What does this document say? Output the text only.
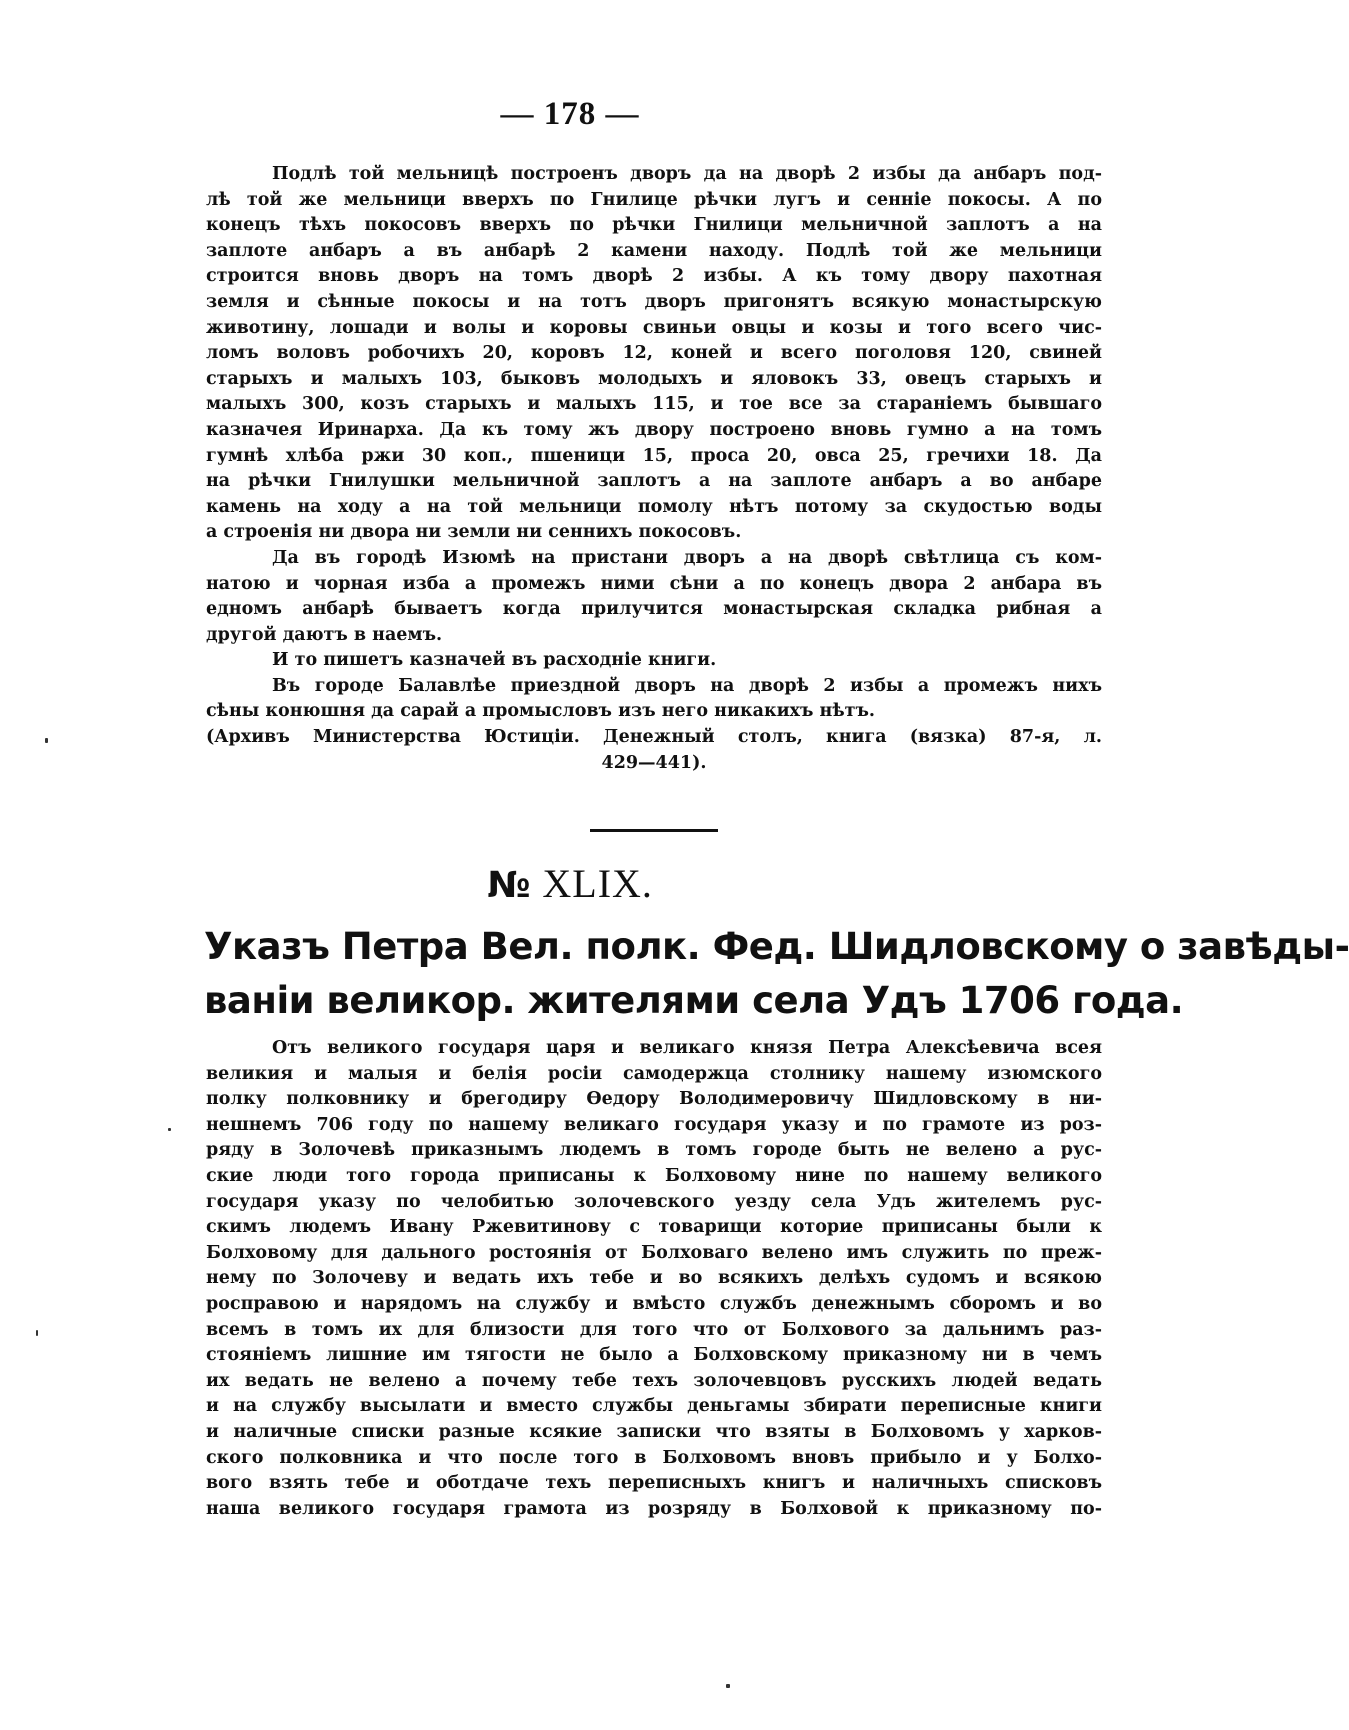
— 178 —
Подлѣ той мельницѣ построенъ дворъ да на дворѣ 2 избы да анбаръ под-
лѣ той же мельници вверхъ по Гнилице рѣчки лугъ и сенніе покосы. А по
конецъ тѣхъ покосовъ вверхъ по рѣчки Гнилици мельничной заплотъ а на
заплоте анбаръ а въ анбарѣ 2 камени находу. Подлѣ той же мельници
строится вновь дворъ на томъ дворѣ 2 избы. А къ тому двору пахотная
земля и сѣнные покосы и на тотъ дворъ пригонятъ всякую монастырскую
животину, лошади и волы и коровы свиньи овцы и козы и того всего чис-
ломъ воловъ робочихъ 20, коровъ 12, коней и всего поголовя 120, свиней
старыхъ и малыхъ 103, быковъ молодыхъ и яловокъ 33, овецъ старыхъ и
малыхъ 300, козъ старыхъ и малыхъ 115, и тое все за стараніемъ бывшаго
казначея Иринарха. Да къ тому жъ двору построено вновь гумно а на томъ
гумнѣ хлѣба ржи 30 коп., пшеници 15, проса 20, овса 25, гречихи 18. Да
на рѣчки Гнилушки мельничной заплотъ а на заплоте анбаръ а во анбаре
камень на ходу а на той мельници помолу нѣтъ потому за скудостью воды
а строенія ни двора ни земли ни сенниxъ покосовъ.
Да въ городѣ Изюмѣ на пристани дворъ а на дворѣ свѣтлица съ ком-
натою и чорная изба а промежъ ними сѣни а по конецъ двора 2 анбара въ
едномъ анбарѣ бываетъ когда прилучится монастырская складка рибная а
другой даютъ в наемъ.
И то пишетъ казначей въ расходніе книги.
Въ городе Балавлѣе приездной дворъ на дворѣ 2 избы а промежъ нихъ
сѣны конюшня да сарай а промысловъ изъ него никакихъ нѣтъ.
(Архивъ Министерства Юстиціи. Денежный столъ, книга (вязка) 87-я, л.
429—441).
№ XLIX.
Указъ Петра Вел. полк. Фед. Шидловскому о завѣды-
ваніи великор. жителями села Удъ 1706 года.
Отъ великого государя царя и великаго князя Петра Алексѣевича всея
великия и малыя и белія росіи самодержца столнику нашему изюмского
полку полковнику и брегодиру Ѳедору Володимеровичу Шидловскому в ни-
нешнемъ 706 году по нашему великаго государя указу и по грамоте из роз-
ряду в Золочевѣ приказнымъ людемъ в томъ городе быть не велено а рус-
ские люди того города приписаны к Болховому нине по нашему великого
государя указу по челобитью золочевского уезду села Удъ жителемъ рус-
скимъ людемъ Ивану Ржевитинову с товарищи которие приписаны были к
Болховому для дального ростоянія от Болховаго велено имъ служить по преж-
нему по Золочеву и ведать ихъ тебе и во всякихъ делѣхъ судомъ и всякою
росправою и нарядомъ на службу и вмѣсто службъ денежнымъ сборомъ и во
всемъ в томъ их для близости для того что от Болхового за дальнимъ раз-
стояніемъ лишние им тягости не было а Болховскому приказному ни в чемъ
их ведать не велено а почему тебе техъ золочевцовъ русскихъ людей ведать
и на службу высылати и вместо службы деньгамы збирати переписные книги
и наличные списки разные ксякие записки что взяты в Болховомъ у харков-
ского полковника и что после того в Болховомъ вновъ прибыло и у Болхо-
вого взять тебе и оботдаче техъ переписныхъ книгъ и наличныхъ списковъ
наша великого государя грамота из розряду в Болховой к приказному по-
